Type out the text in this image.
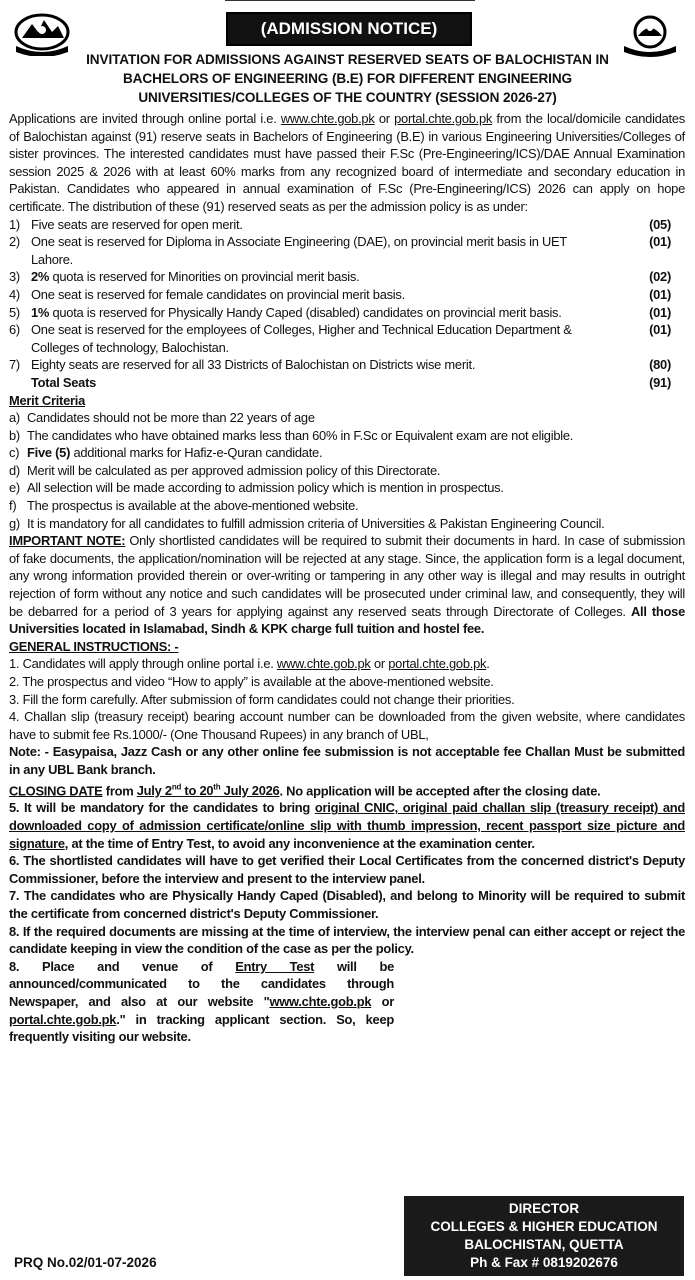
(ADMISSION NOTICE)
INVITATION FOR ADMISSIONS AGAINST RESERVED SEATS OF BALOCHISTAN IN
BACHELORS OF ENGINEERING (B.E) FOR DIFFERENT ENGINEERING
UNIVERSITIES/COLLEGES OF THE COUNTRY (SESSION 2026-27)

Applications are invited through online portal i.e. www.chte.gob.pk or portal.chte.gob.pk from the local/domicile candidates of Balochistan against (91) reserve seats in Bachelors of Engineering (B.E) in various Engineering Universities/Colleges of sister provinces. The interested candidates must have passed their F.Sc (Pre-Engineering/ICS)/DAE Annual Examination session 2025 & 2026 with at least 60% marks from any recognized board of intermediate and secondary education in Pakistan. Candidates who appeared in annual examination of F.Sc (Pre-Engineering/ICS) 2026 can apply on hope certificate. The distribution of these (91) reserved seats as per the admission policy is as under:

1) Five seats are reserved for open merit.	(05)
2) One seat is reserved for Diploma in Associate Engineering (DAE), on provincial merit basis in UET Lahore.
(01)
3) 2% quota is reserved for Minorities on provincial merit basis.	(02)
4) One seat is reserved for female candidates on provincial merit basis.	(01)
5) 1% quota is reserved for Physically Handy Caped (disabled) candidates on provincial merit basis.	(01)
6) One seat is reserved for the employees of Colleges, Higher and Technical Education Department & Colleges of technology, Balochistan.
(01)
7) Eighty seats are reserved for all 33 Districts of Balochistan on Districts wise merit.	(80)
Total Seats	(91)
Merit Criteria
a) Candidates should not be more than 22 years of age
b) The candidates who have obtained marks less than 60% in F.Sc or Equivalent exam are not eligible.
c) Five (5) additional marks for Hafiz-e-Quran candidate.
d) Merit will be calculated as per approved admission policy of this Directorate.
e) All selection will be made according to admission policy which is mention in prospectus.
f) The prospectus is available at the above-mentioned website.
g) It is mandatory for all candidates to fulfill admission criteria of Universities & Pakistan Engineering Council.

IMPORTANT NOTE: Only shortlisted candidates will be required to submit their documents in hard. In case of submission of fake documents, the application/nomination will be rejected at any stage. Since, the application form is a legal document, any wrong information provided therein or over-writing or tampering in any other way is illegal and may results in outright rejection of form without any notice and such candidates will be prosecuted under criminal law, and consequently, they will be debarred for a period of 3 years for applying against any reserved seats through Directorate of Colleges. All those Universities located in Islamabad, Sindh & KPK charge full tuition and hostel fee.

GENERAL INSTRUCTIONS: -
1. Candidates will apply through online portal i.e. www.chte.gob.pk or portal.chte.gob.pk.
2. The prospectus and video “How to apply” is available at the above-mentioned website.
3. Fill the form carefully. After submission of form candidates could not change their priorities.

4. Challan slip (treasury receipt) bearing account number can be downloaded from the given website, where candidates have to submit fee Rs.1000/- (One Thousand Rupees) in any branch of UBL,

Note: - Easypaisa, Jazz Cash or any other online fee submission is not acceptable fee Challan Must be submitted in any UBL Bank branch.

CLOSING DATE from July 2nd to 20th July 2026. No application will be accepted after the closing date.

5. It will be mandatory for the candidates to bring original CNIC, original paid challan slip (treasury receipt) and downloaded copy of admission certificate/online slip with thumb impression, recent passport size picture and signature, at the time of Entry Test, to avoid any inconvenience at the examination center.

6. The shortlisted candidates will have to get verified their Local Certificates from the concerned district's Deputy Commissioner, before the interview and present to the interview panel.

7. The candidates who are Physically Handy Caped (Disabled), and belong to Minority will be required to submit the certificate from concerned district's Deputy Commissioner.

8. If the required documents are missing at the time of interview, the interview penal can either accept or reject the candidate keeping in view the condition of the case as per the policy.

8. Place and venue of Entry Test will be announced/communicated to the candidates through Newspaper, and also at our website "www.chte.gob.pk or portal.chte.gob.pk." in tracking applicant section. So, keep frequently visiting our website.

PRQ No.02/01-07-2026
DIRECTOR
COLLEGES & HIGHER EDUCATION
BALOCHISTAN, QUETTA
Ph & Fax # 0819202676
